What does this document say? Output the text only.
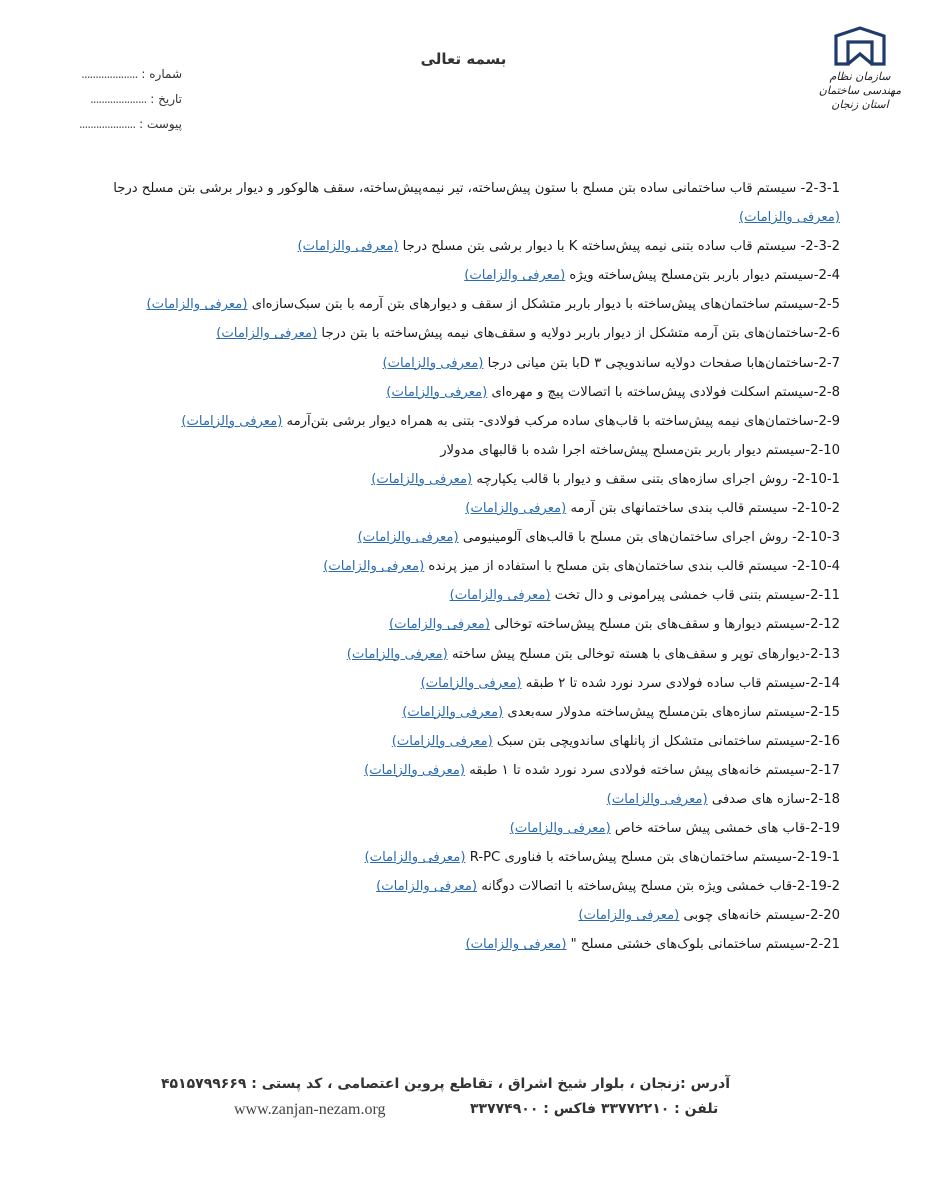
بسمه تعالی
شماره :
....................
تاریخ :
....................
پیوست :
....................
سازمان نظام مهندسی ساختمان
استان زنجان
2-3-1- سیستم قاب ساختمانی ساده بتن مسلح با ستون پیش‌ساخته، تیر نیمه‌پیش‌ساخته، سقف هالوکور و دیوار برشی بتن مسلح درجا (معرفی والزامات)
2-3-2- سیستم قاب ساده بتنی نیمه پیش‌ساخته K با دیوار برشی بتن مسلح درجا (معرفی والزامات)
2-4-سیستم دیوار باربر بتن‌مسلح پیش‌ساخته ویژه (معرفی والزامات)
2-5-سیستم ساختمان‌های پیش‌ساخته با دیوار باربر متشکل از سقف و دیوار‌های بتن آرمه با بتن سبک‌سازه‌ای (معرفی والزامات)
2-6-ساختمان‌های بتن آرمه متشکل از دیوار باربر دولایه و سقف‌های نیمه پیش‌ساخته با بتن درجا (معرفی والزامات)
2-7-ساختمان‌هابا صفحات دولایه ساندویچی ۳ Dبا بتن میانی درجا (معرفی والزامات)
2-8-سیستم اسکلت فولادی پیش‌ساخته با اتصالات پیچ و مهره‌ای (معرفی والزامات)
2-9-ساختمان‌های نیمه پیش‌ساخته با قاب‌های ساده مرکب فولادی- بتنی به همراه دیوار برشی بتن‌آرمه (معرفی والزامات)
2-10-سیستم دیوار باربر بتن‌مسلح پیش‌ساخته اجرا شده با قالبهای مدولار
2-10-1- روش اجرای سازه‌های بتنی سقف و دیوار با قالب یکپارچه (معرفی والزامات)
2-10-2- سیستم قالب بندی ساختمانهای بتن آرمه (معرفی والزامات)
2-10-3- روش اجرای ساختمان‌های بتن مسلح با قالب‌های آلومینیومی (معرفی والزامات)
2-10-4- سیستم قالب بندی ساختمان‌های بتن مسلح با استفاده از میز پرنده (معرفی والزامات)
2-11-سیستم بتنی قاب خمشی پیرامونی و دال تخت (معرفی والزامات)
2-12-سیستم دیوارها و سقف‌های بتن مسلح پیش‌ساخته توخالی (معرفی والزامات)
2-13-دیوارهای توپر و سقف‌های با هسته توخالی بتن مسلح پیش ساخته (معرفی والزامات)
2-14-سیستم قاب ساده فولادی سرد نورد شده تا ۲ طبقه (معرفی والزامات)
2-15-سیستم سازه‌های بتن‌مسلح پیش‌ساخته مدولار سه‌بعدی (معرفی والزامات)
2-16-سیستم ساختمانی متشکل از پانلهای ساندویچی بتن سبک (معرفی والزامات)
2-17-سیستم خانه‌های پیش ساخته فولادی سرد نورد شده تا ۱ طبقه (معرفی والزامات)
2-18-سازه های صدفی (معرفی والزامات)
2-19-قاب های خمشی پیش ساخته خاص (معرفی والزامات)
2-19-1-سیستم ساختمان‌های بتن مسلح پیش‌ساخته با فناوری R-PC (معرفی والزامات)
2-19-2-قاب خمشی ویژه بتن مسلح پیش‌ساخته با اتصالات دوگانه (معرفی والزامات)
2-20-سیستم خانه‌های چوبی (معرفی والزامات)
2-21-سیستم ساختمانی بلوک‌های خشتی مسلح " (معرفی والزامات)
آدرس :زنجان ، بلوار شیخ اشراق ، تقاطع پروین اعتصامی ، کد پستی : ۴۵۱۵۷۹۹۶۶۹
تلفن : ۳۳۷۷۲۲۱۰ فاکس : ۳۳۷۷۴۹۰۰
www.zanjan-nezam.org
